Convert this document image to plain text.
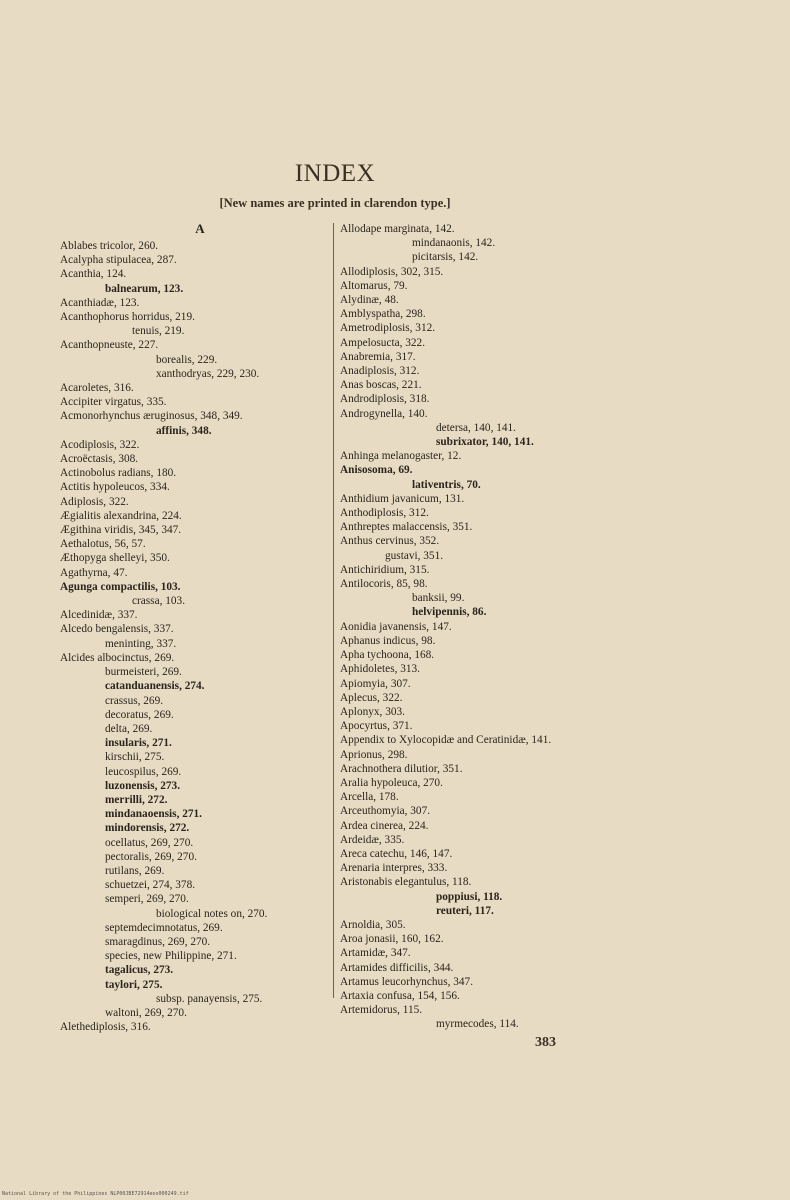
INDEX
[New names are printed in clarendon type.]
A
Ablabes tricolor, 260.
Acalypha stipulacea, 287.
Acanthia, 124.
balnearum, 123.
Acanthiadæ, 123.
Acanthophorus horridus, 219.
tenuis, 219.
Acanthopneuste, 227.
borealis, 229.
xanthodryas, 229, 230.
Acaroletes, 316.
Accipiter virgatus, 335.
Acmonorhynchus æruginosus, 348, 349.
affinis, 348.
Acodiplosis, 322.
Acroëctasis, 308.
Actinobolus radians, 180.
Actitis hypoleucos, 334.
Adiplosis, 322.
Ægialitis alexandrina, 224.
Ægithina viridis, 345, 347.
Aethalotus, 56, 57.
Æthopyga shelleyi, 350.
Agathyrna, 47.
Agunga compactilis, 103.
crassa, 103.
Alcedinidæ, 337.
Alcedo bengalensis, 337.
meninting, 337.
Alcides albocinctus, 269.
burmeisteri, 269.
catanduanensis, 274.
crassus, 269.
decoratus, 269.
delta, 269.
insularis, 271.
kirschii, 275.
leucospilus, 269.
luzonensis, 273.
merrilli, 272.
mindanaoensis, 271.
mindorensis, 272.
ocellatus, 269, 270.
pectoralis, 269, 270.
rutilans, 269.
schuetzei, 274, 378.
semperi, 269, 270.
biological notes on, 270.
septemdecimnotatus, 269.
smaragdinus, 269, 270.
species, new Philippine, 271.
tagalicus, 273.
taylori, 275.
subsp. panayensis, 275.
waltoni, 269, 270.
Alethediplosis, 316.
Allodape marginata, 142.
mindanaonis, 142.
picitarsis, 142.
Allodiplosis, 302, 315.
Altomarus, 79.
Alydinæ, 48.
Amblyspatha, 298.
Ametrodiplosis, 312.
Ampelosucta, 322.
Anabremia, 317.
Anadiplosis, 312.
Anas boscas, 221.
Androdiplosis, 318.
Androgynella, 140.
detersa, 140, 141.
subrixator, 140, 141.
Anhinga melanogaster, 12.
Anisosoma, 69.
lativentris, 70.
Anthidium javanicum, 131.
Anthodiplosis, 312.
Anthreptes malaccensis, 351.
Anthus cervinus, 352.
gustavi, 351.
Antichiridium, 315.
Antilocoris, 85, 98.
banksii, 99.
helvipennis, 86.
Aonidia javanensis, 147.
Aphanus indicus, 98.
Apha tychoona, 168.
Aphidoletes, 313.
Apiomyia, 307.
Aplecus, 322.
Aplonyx, 303.
Apocyrtus, 371.
Appendix to Xylocopidæ and Ceratinidæ, 141.
Aprionus, 298.
Arachnothera dilutior, 351.
Aralia hypoleuca, 270.
Arcella, 178.
Arceuthomyia, 307.
Ardea cinerea, 224.
Ardeidæ, 335.
Areca catechu, 146, 147.
Arenaria interpres, 333.
Aristonabis elegantulus, 118.
poppiusi, 118.
reuteri, 117.
Arnoldia, 305.
Aroa jonasii, 160, 162.
Artamidæ, 347.
Artamides difficilis, 344.
Artamus leucorhynchus, 347.
Artaxia confusa, 154, 156.
Artemidorus, 115.
myrmecodes, 114.
383
National Library of the Philippines NLP00JBE72914eos000249.tif
